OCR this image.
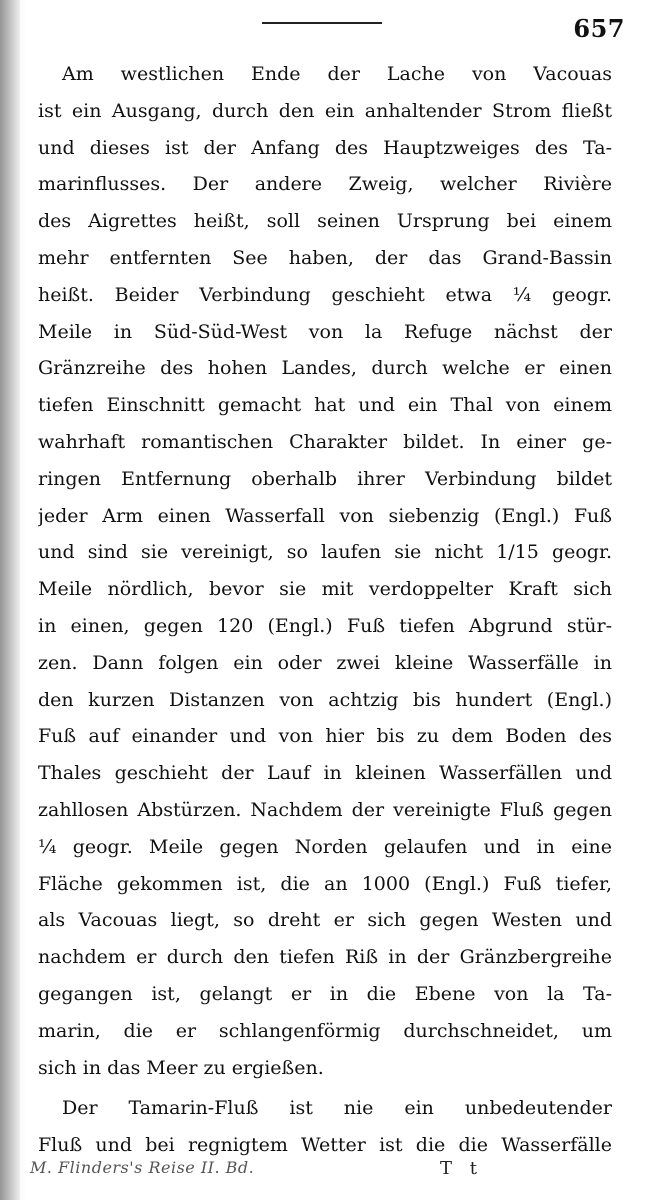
657
Am westlichen Ende der Lache von Vacouas
ist ein Ausgang, durch den ein anhaltender Strom fließt
und dieses ist der Anfang des Hauptzweiges des Ta-
marinflusses. Der andere Zweig, welcher Rivière
des Aigrettes heißt, soll seinen Ursprung bei einem
mehr entfernten See haben, der das Grand-Bassin
heißt. Beider Verbindung geschieht etwa ¼ geogr.
Meile in Süd-Süd-West von la Refuge nächst der
Gränzreihe des hohen Landes, durch welche er einen
tiefen Einschnitt gemacht hat und ein Thal von einem
wahrhaft romantischen Charakter bildet. In einer ge-
ringen Entfernung oberhalb ihrer Verbindung bildet
jeder Arm einen Wasserfall von siebenzig (Engl.) Fuß
und sind sie vereinigt, so laufen sie nicht 1/15 geogr.
Meile nördlich, bevor sie mit verdoppelter Kraft sich
in einen, gegen 120 (Engl.) Fuß tiefen Abgrund stür-
zen. Dann folgen ein oder zwei kleine Wasserfälle in
den kurzen Distanzen von achtzig bis hundert (Engl.)
Fuß auf einander und von hier bis zu dem Boden des
Thales geschieht der Lauf in kleinen Wasserfällen und
zahllosen Abstürzen. Nachdem der vereinigte Fluß gegen
¼ geogr. Meile gegen Norden gelaufen und in eine
Fläche gekommen ist, die an 1000 (Engl.) Fuß tiefer,
als Vacouas liegt, so dreht er sich gegen Westen und
nachdem er durch den tiefen Riß in der Gränzbergreihe
gegangen ist, gelangt er in die Ebene von la Ta-
marin, die er schlangenförmig durchschneidet, um
sich in das Meer zu ergießen.
Der Tamarin-Fluß ist nie ein unbedeutender
Fluß und bei regnigtem Wetter ist die die Wasserfälle
M. Flinders's Reise II. Bd.	T t
